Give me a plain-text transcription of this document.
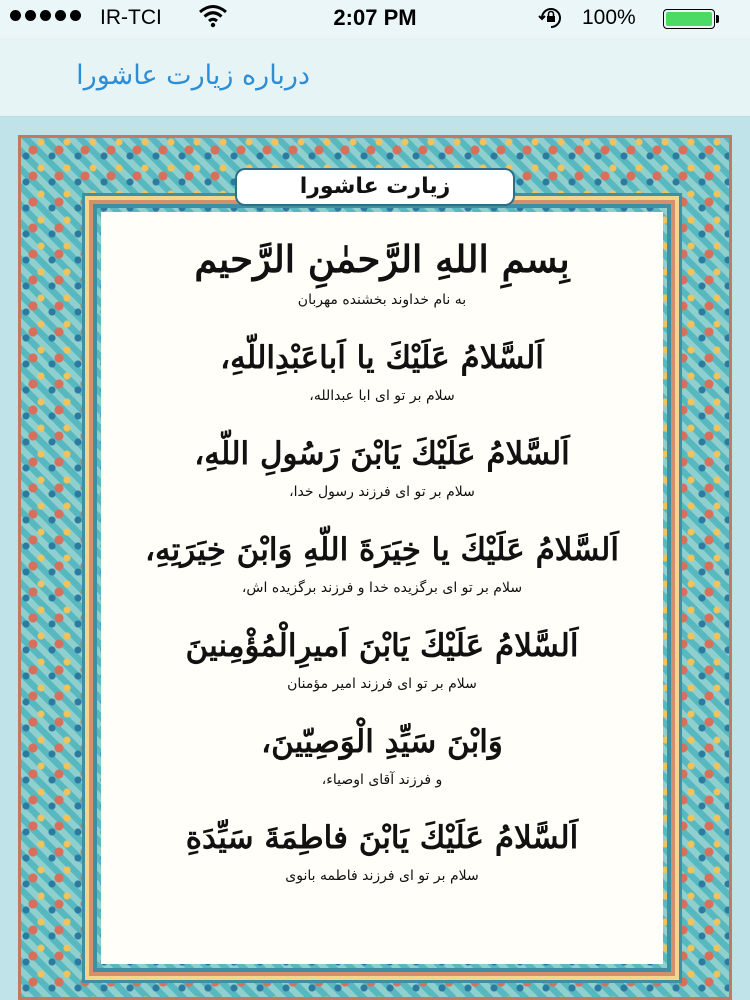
IR-TCI	2:07 PM	100%
درباره زیارت عاشورا

بِسمِ اللهِ الرَّحمٰنِ الرَّحیم

به نام خداوند بخشنده مهربان

اَلسَّلامُ عَلَیْكَ یا اَباعَبْدِاللّهِ،

سلام بر تو ای ابا عبدالله،

اَلسَّلامُ عَلَیْكَ یَابْنَ رَسُولِ اللّهِ،

سلام بر تو ای فرزند رسول خدا،

اَلسَّلامُ عَلَیْكَ یا خِیَرَةَ اللّهِ وَابْنَ خِیَرَتِهِ،

سلام بر تو ای برگزیده خدا و فرزند برگزیده اش،

اَلسَّلامُ عَلَیْكَ یَابْنَ اَمیرِالْمُؤْمِنینَ

سلام بر تو ای فرزند امیر مؤمنان

وَابْنَ سَیِّدِ الْوَصِیّینَ،

و فرزند آقای اوصیاء،

اَلسَّلامُ عَلَیْكَ یَابْنَ فاطِمَةَ سَیِّدَةِ

سلام بر تو ای فرزند فاطمه بانوی

زیارت عاشورا
